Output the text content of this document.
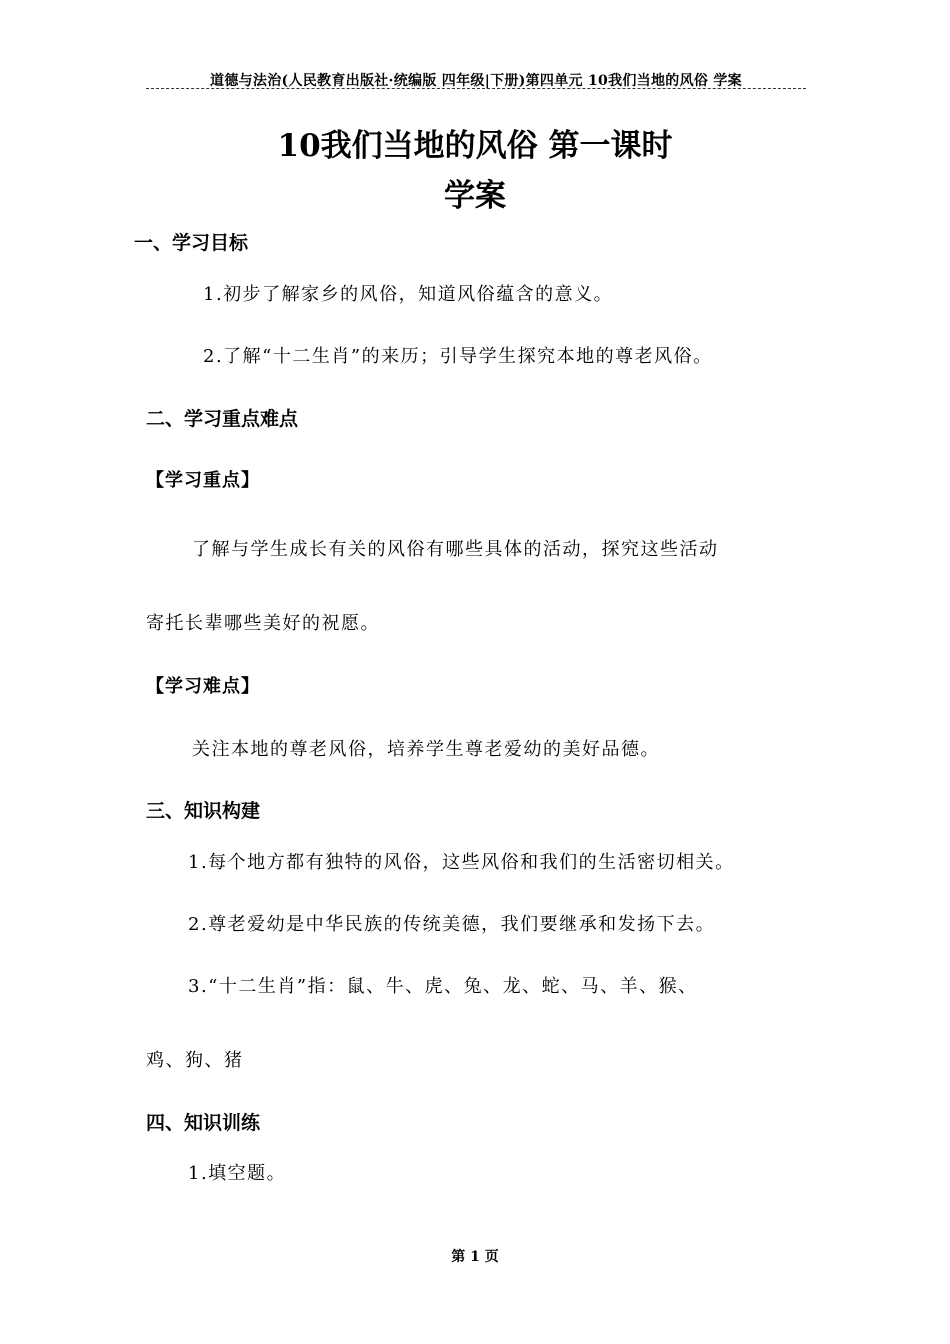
道德与法治(人民教育出版社·统编版 四年级|下册)第四单元 10我们当地的风俗 学案
10我们当地的风俗 第一课时
学案
一、学习目标
1.初步了解家乡的风俗，知道风俗蕴含的意义。
2.了解“十二生肖”的来历；引导学生探究本地的尊老风俗。
二、学习重点难点
【学习重点】
了解与学生成长有关的风俗有哪些具体的活动，探究这些活动
寄托长辈哪些美好的祝愿。
【学习难点】
关注本地的尊老风俗，培养学生尊老爱幼的美好品德。
三、知识构建
1.每个地方都有独特的风俗，这些风俗和我们的生活密切相关。
2.尊老爱幼是中华民族的传统美德，我们要继承和发扬下去。
3.“十二生肖”指：鼠、牛、虎、兔、龙、蛇、马、羊、猴、
鸡、狗、猪
四、知识训练
1.填空题。
第 1 页
